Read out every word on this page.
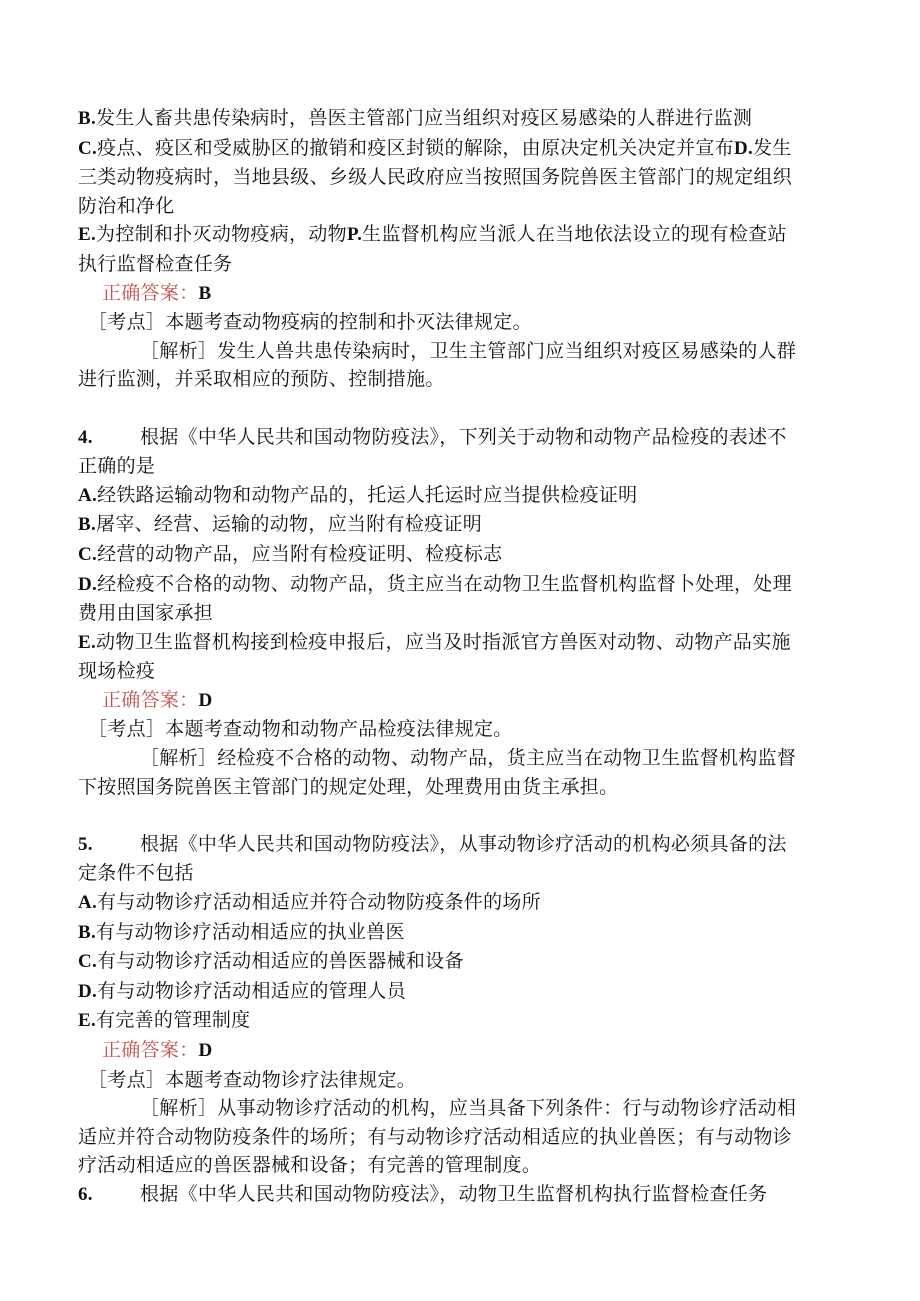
B.发生人畜共患传染病时，兽医主管部门应当组织对疫区易感染的人群进行监测
C.疫点、疫区和受威胁区的撤销和疫区封锁的解除，由原决定机关决定并宣布D.发生
三类动物疫病时，当地县级、乡级人民政府应当按照国务院兽医主管部门的规定组织
防治和净化
E.为控制和扑灭动物疫病，动物P.生监督机构应当派人在当地依法设立的现有检查站
执行监督检查任务
正确答案：B
［考点］本题考查动物疫病的控制和扑灭法律规定。
［解析］发生人兽共患传染病时，卫生主管部门应当组织对疫区易感染的人群
进行监测，并采取相应的预防、控制措施。
4. 根据《中华人民共和国动物防疫法》，下列关于动物和动物产品检疫的表述不
正确的是
A.经铁路运输动物和动物产品的，托运人托运时应当提供检疫证明
B.屠宰、经营、运输的动物，应当附有检疫证明
C.经营的动物产品，应当附有检疫证明、检疫标志
D.经检疫不合格的动物、动物产品，货主应当在动物卫生监督机构监督卜处理，处理
费用由国家承担
E.动物卫生监督机构接到检疫申报后，应当及时指派官方兽医对动物、动物产品实施
现场检疫
正确答案：D
［考点］本题考查动物和动物产品检疫法律规定。
［解析］经检疫不合格的动物、动物产品，货主应当在动物卫生监督机构监督
下按照国务院兽医主管部门的规定处理，处理费用由货主承担。
5. 根据《中华人民共和国动物防疫法》，从事动物诊疗活动的机构必须具备的法
定条件不包括
A.有与动物诊疗活动相适应并符合动物防疫条件的场所
B.有与动物诊疗活动相适应的执业兽医
C.有与动物诊疗活动相适应的兽医器械和设备
D.有与动物诊疗活动相适应的管理人员
E.有完善的管理制度
正确答案：D
［考点］本题考查动物诊疗法律规定。
［解析］从事动物诊疗活动的机构，应当具备下列条件：行与动物诊疗活动相
适应并符合动物防疫条件的场所；有与动物诊疗活动相适应的执业兽医；有与动物诊
疗活动相适应的兽医器械和设备；有完善的管理制度。
6. 根据《中华人民共和国动物防疫法》，动物卫生监督机构执行监督检查任务
